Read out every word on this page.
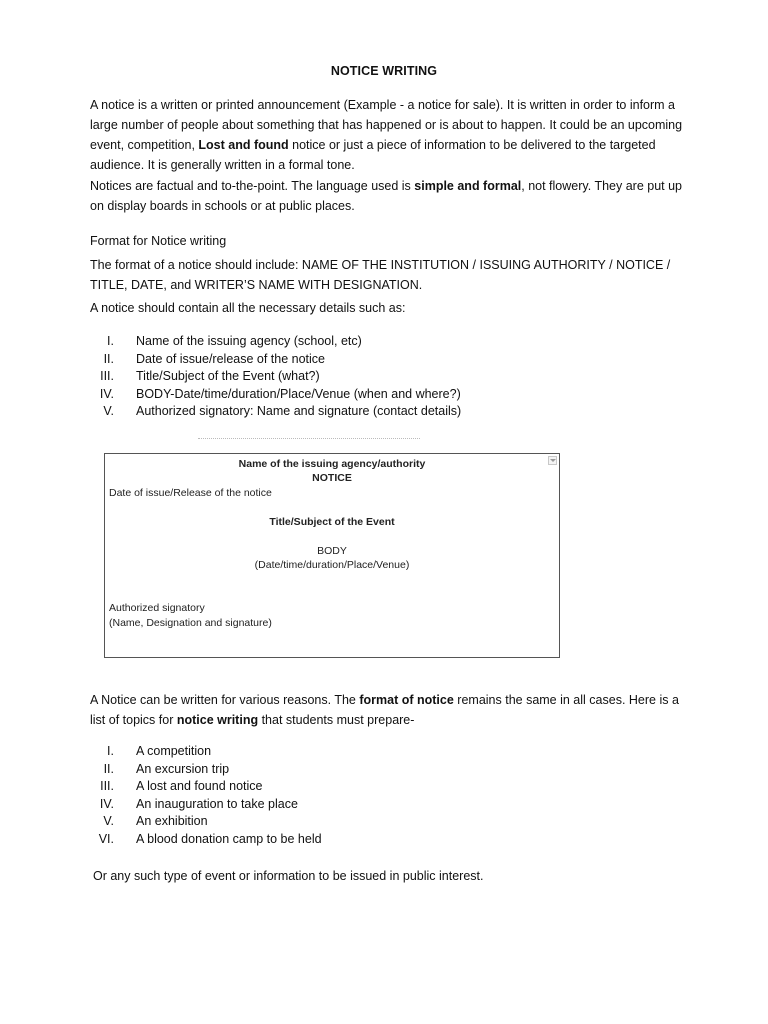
NOTICE WRITING

A notice is a written or printed announcement (Example - a notice for sale). It is written in order to inform a large number of people about something that has happened or is about to happen. It could be an upcoming event, competition, Lost and found notice or just a piece of information to be delivered to the targeted audience. It is generally written in a formal tone.

Notices are factual and to-the-point. The language used is simple and formal, not flowery. They are put up on display boards in schools or at public places.

Format for Notice writing

The format of a notice should include: NAME OF THE INSTITUTION / ISSUING AUTHORITY / NOTICE / TITLE, DATE, and WRITER’S NAME WITH DESIGNATION.

A notice should contain all the necessary details such as:

I. Name of the issuing agency (school, etc)
II. Date of issue/release of the notice
III. Title/Subject of the Event (what?)
IV. BODY-Date/time/duration/Place/Venue (when and where?)
V. Authorized signatory: Name and signature (contact details)
Name of the issuing agency/authority
NOTICE
Date of issue/Release of the notice
Title/Subject of the Event
BODY
(Date/time/duration/Place/Venue)
Authorized signatory
(Name, Designation and signature)

A Notice can be written for various reasons. The format of notice remains the same in all cases. Here is a list of topics for notice writing that students must prepare-

I. A competition
II. An excursion trip
III. A lost and found notice
IV. An inauguration to take place
V. An exhibition
VI. A blood donation camp to be held

Or any such type of event or information to be issued in public interest.
